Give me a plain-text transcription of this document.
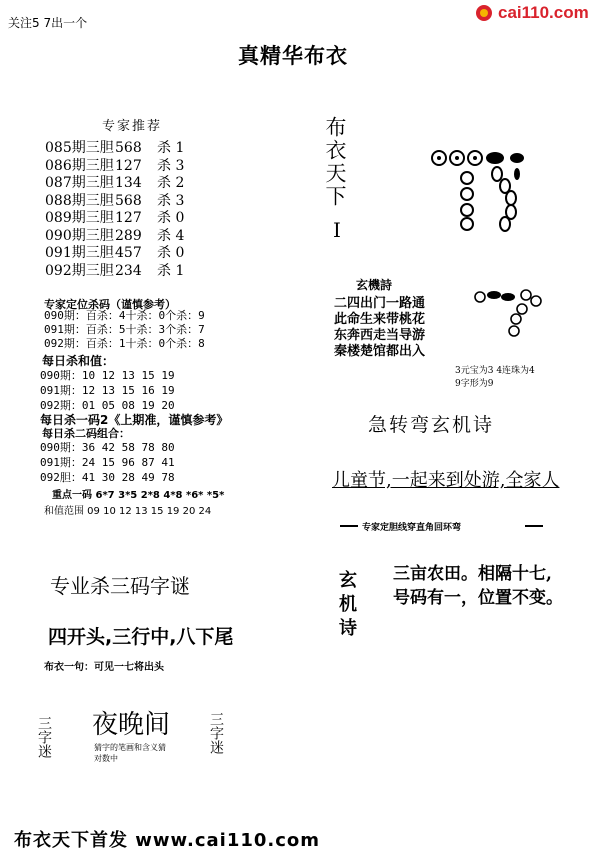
关注5 7出一个
cai110.com
真精华布衣
专家推荐
085期三胆568 杀 1
086期三胆127 杀 3
087期三胆134 杀 2
088期三胆568 杀 3
089期三胆127 杀 0
090期三胆289 杀 4
091期三胆457 杀 0
092期三胆234 杀 1
专家定位杀码（谨慎参考）
090期：百杀：4十杀：0个杀：9
091期：百杀：5十杀：3个杀：7
092期：百杀：1十杀：0个杀：8
每日杀和值：
090期：10 12 13 15 19
091期：12 13 15 16 19
092期：01 05 08 19 20
每日杀一码2《上期准，谨慎参考》
每日杀二码组合：
090期：36 42 58 78 80
091期：24 15 96 87 41
092胆：41 30 28 49 78
重点一码 6*7 3*5 2*8 4*8 *6* *5*
和值范围 09 10 12 13 15 19 20 24
专业杀三码字谜
四开头,三行中,八下尾
布衣一句：可见一七将出头
三字迷 夜晚间	三字迷
猜字的笔画和含义猜
对数中
布衣天下
I
玄機詩
二四出门一路通
此命生来带桃花
东奔西走当导游
秦楼楚馆都出入
3元宝为3 4连珠为4
9字形为9
急转弯玄机诗
儿童节,一起来到处游,全家人
专家定胆线穿直角回环弯
玄机诗 三亩农田。相隔十七,
号码有一，位置不变。
布衣天下首发 www.cai110.com
